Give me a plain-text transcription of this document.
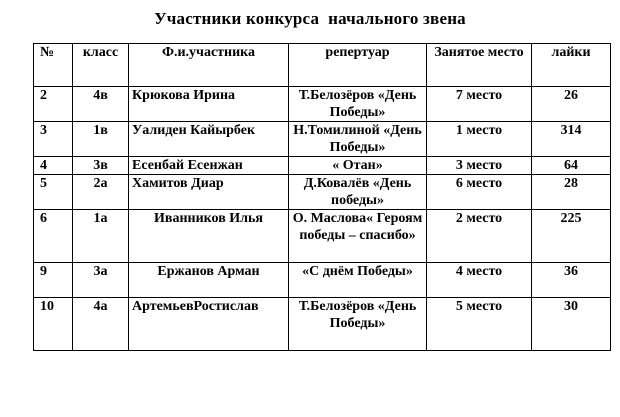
Участники конкурса  начального звена
№	класс	Ф.и.участника	репертуар	Занятое место	лайки
2	4в	Крюкова Ирина	Т.Белозёров «День Победы»	7 место	26
3	1в	Уалиден Кайырбек	Н.Томилиной «День Победы»	1 место	314
4	3в	Есенбай Есенжан	« Отан»	3 место	64
5	2а	Хамитов Диар	Д.Ковалёв «День победы»	6 место	28
6	1а	Иванников Илья	О. Маслова« Героям победы – спасибо»	2 место	225
9	3а	Ержанов Арман	«С днём Победы»	4 место	36
10	4а	АртемьевРостислав	Т.Белозёров «День Победы»	5 место	30
